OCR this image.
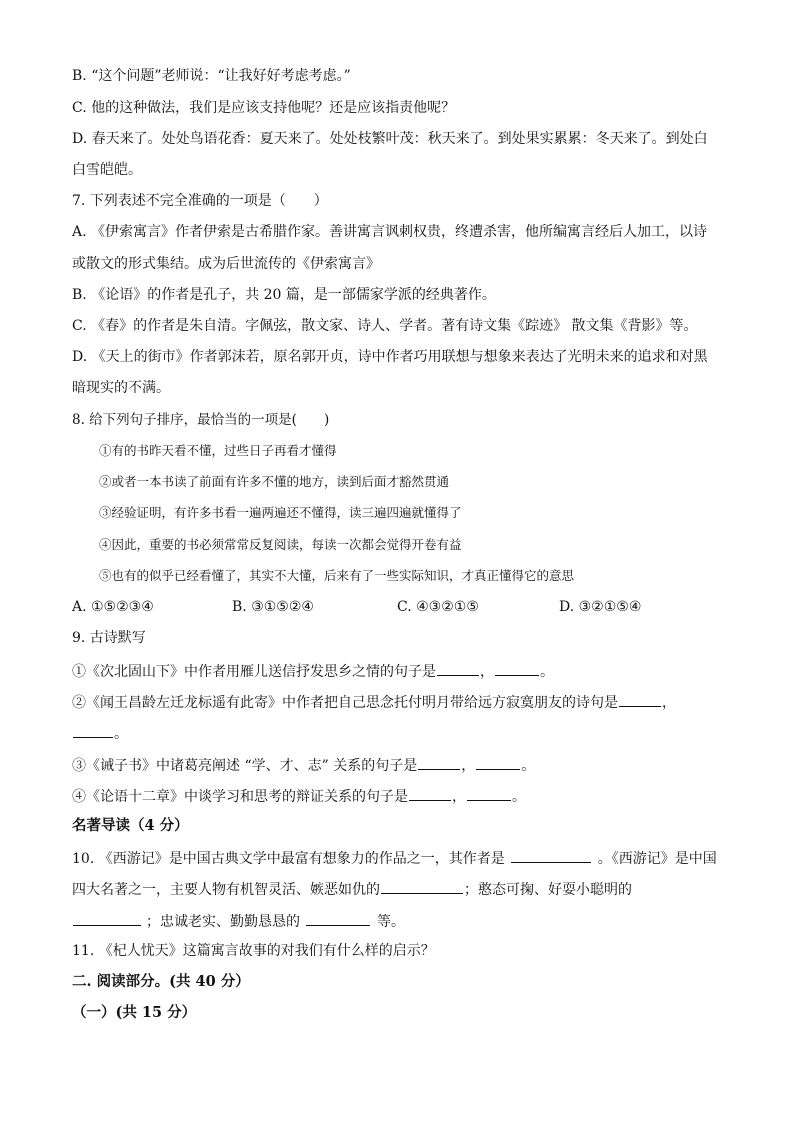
B. “这个问题”老师说：“让我好好考虑考虑。”
C. 他的这种做法，我们是应该支持他呢？还是应该指责他呢？
D. 春天来了。处处鸟语花香：夏天来了。处处枝繁叶茂：秋天来了。到处果实累累：冬天来了。到处白
白雪皑皑。
7. 下列表述不完全准确的一项是（　　）
A. 《伊索寓言》作者伊索是古希腊作家。善讲寓言讽刺权贵，终遭杀害，他所编寓言经后人加工，以诗
或散文的形式集结。成为后世流传的《伊索寓言》
B. 《论语》的作者是孔子，共 20 篇，是一部儒家学派的经典著作。
C. 《春》的作者是朱自清。字佩弦，散文家、诗人、学者。著有诗文集《踪迹》 散文集《背影》等。
D. 《天上的街市》作者郭沫若，原名郭开贞，诗中作者巧用联想与想象来表达了光明未来的追求和对黑
暗现实的不满。
8. 给下列句子排序，最恰当的一项是(　　)
①有的书昨天看不懂，过些日子再看才懂得
②或者一本书读了前面有许多不懂的地方，读到后面才豁然贯通
③经验证明，有许多书看一遍两遍还不懂得，读三遍四遍就懂得了
④因此，重要的书必须常常反复阅读，每读一次都会觉得开卷有益
⑤也有的似乎已经看懂了，其实不大懂，后来有了一些实际知识，才真正懂得它的意思
A. ①⑤②③④	B. ③①⑤②④	C. ④③②①⑤	D. ③②①⑤④
9. 古诗默写
①《次北固山下》中作者用雁儿送信抒发思乡之情的句子是	，	。
②《闻王昌龄左迁龙标遥有此寄》中作者把自己思念托付明月带给远方寂寞朋友的诗句是	，
。
③《诫子书》中诸葛亮阐述 “学、才、志” 关系的句子是	，	。
④《论语十二章》中谈学习和思考的辩证关系的句子是	，	。
名著导读（4 分）
10. 《西游记》是中国古典文学中最富有想象力的作品之一，其作者是	。《西游记》是中国
四大名著之一，主要人物有机智灵活、嫉恶如仇的	；憨态可掬、好耍小聪明的
；忠诚老实、勤勤恳恳的	等。
11. 《杞人忧天》这篇寓言故事的对我们有什么样的启示？
二. 阅读部分。(共 40 分）
（一）(共 15 分）
